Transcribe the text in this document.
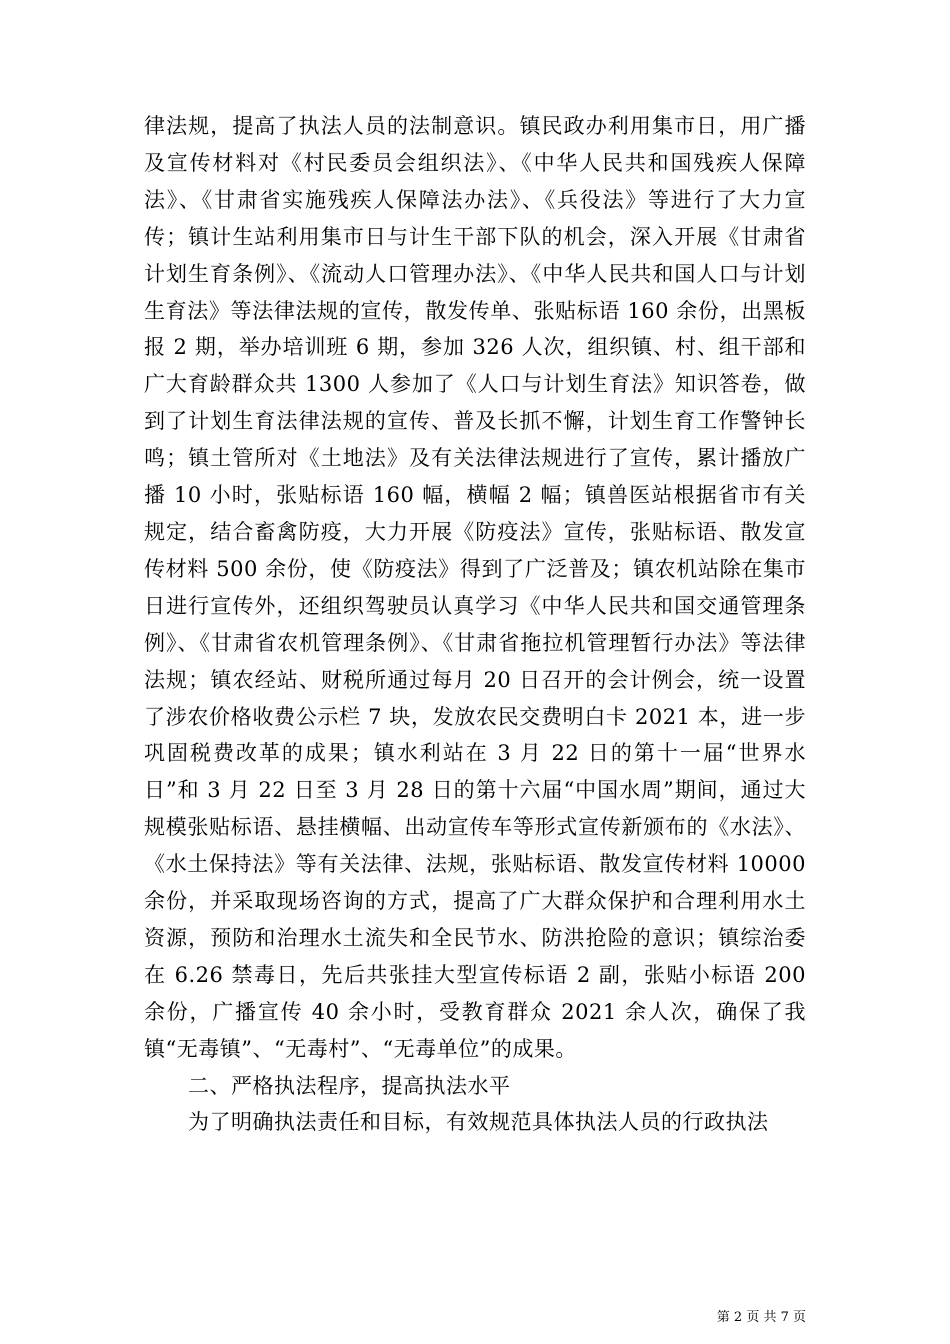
律法规，提高了执法人员的法制意识。镇民政办利用集市日，用广播及宣传材料对《村民委员会组织法》、《中华人民共和国残疾人保障法》、《甘肃省实施残疾人保障法办法》、《兵役法》等进行了大力宣传；镇计生站利用集市日与计生干部下队的机会，深入开展《甘肃省计划生育条例》、《流动人口管理办法》、《中华人民共和国人口与计划生育法》等法律法规的宣传，散发传单、张贴标语 160 余份，出黑板报 2 期，举办培训班 6 期，参加 326 人次，组织镇、村、组干部和广大育龄群众共 1300 人参加了《人口与计划生育法》知识答卷，做到了计划生育法律法规的宣传、普及长抓不懈，计划生育工作警钟长鸣；镇土管所对《土地法》及有关法律法规进行了宣传，累计播放广播 10 小时，张贴标语 160 幅，横幅 2 幅；镇兽医站根据省市有关规定，结合畜禽防疫，大力开展《防疫法》宣传，张贴标语、散发宣传材料 500 余份，使《防疫法》得到了广泛普及；镇农机站除在集市日进行宣传外，还组织驾驶员认真学习《中华人民共和国交通管理条例》、《甘肃省农机管理条例》、《甘肃省拖拉机管理暂行办法》等法律法规；镇农经站、财税所通过每月 20 日召开的会计例会，统一设置了涉农价格收费公示栏 7 块，发放农民交费明白卡 2021 本，进一步巩固税费改革的成果；镇水利站在 3 月 22 日的第十一届“世界水日”和 3 月 22 日至 3 月 28 日的第十六届“中国水周”期间，通过大规模张贴标语、悬挂横幅、出动宣传车等形式宣传新颁布的《水法》、《水土保持法》等有关法律、法规，张贴标语、散发宣传材料 10000 余份，并采取现场咨询的方式，提高了广大群众保护和合理利用水土资源，预防和治理水土流失和全民节水、防洪抢险的意识；镇综治委在 6.26 禁毒日，先后共张挂大型宣传标语 2 副，张贴小标语 200 余份，广播宣传 40 余小时，受教育群众 2021 余人次，确保了我镇“无毒镇”、“无毒村”、“无毒单位”的成果。

二、严格执法程序，提高执法水平

为了明确执法责任和目标，有效规范具体执法人员的行政执法

第 2 页 共 7 页
